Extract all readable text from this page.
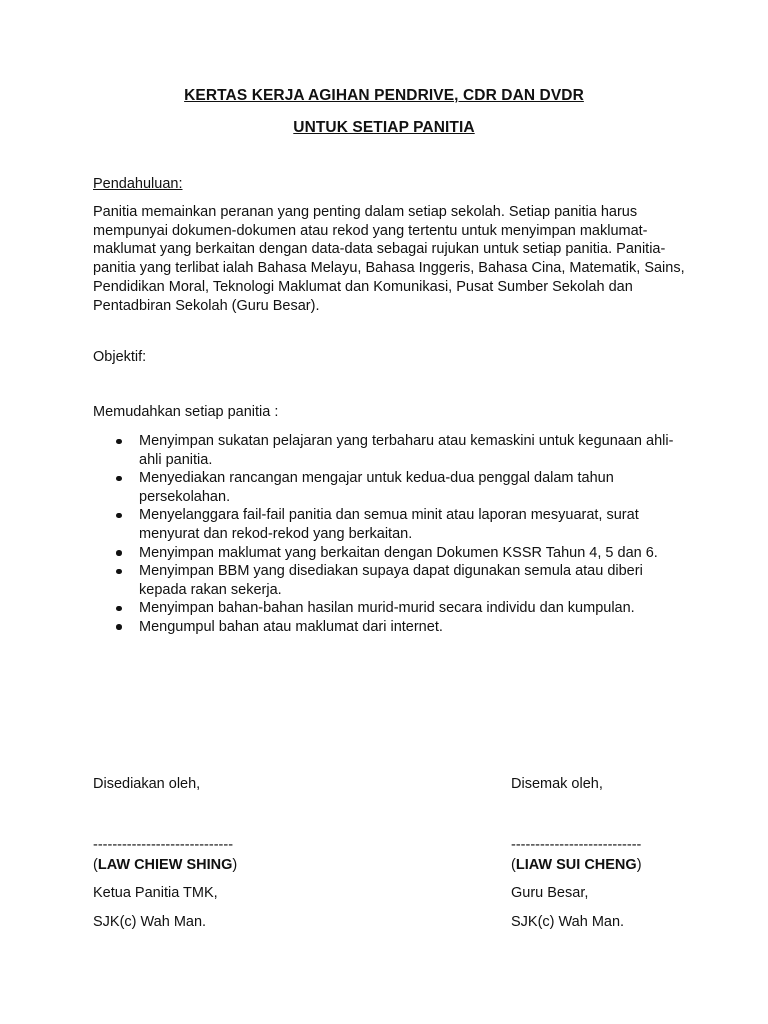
KERTAS KERJA AGIHAN PENDRIVE, CDR DAN DVDR
UNTUK SETIAP PANITIA
Pendahuluan:
Panitia memainkan peranan yang penting dalam setiap sekolah. Setiap panitia harus mempunyai dokumen-dokumen atau rekod yang tertentu untuk menyimpan maklumat-maklumat yang berkaitan dengan data-data sebagai rujukan untuk setiap panitia. Panitia-panitia yang terlibat ialah Bahasa Melayu, Bahasa Inggeris, Bahasa Cina, Matematik, Sains, Pendidikan Moral, Teknologi Maklumat dan Komunikasi, Pusat Sumber Sekolah dan Pentadbiran Sekolah (Guru Besar).
Objektif:
Memudahkan setiap panitia :
Menyimpan sukatan pelajaran yang terbaharu atau kemaskini untuk kegunaan ahli-ahli panitia.
Menyediakan rancangan mengajar untuk kedua-dua penggal dalam tahun persekolahan.
Menyelanggara fail-fail panitia dan semua minit atau laporan mesyuarat, surat menyurat dan rekod-rekod yang berkaitan.
Menyimpan maklumat yang berkaitan dengan Dokumen KSSR Tahun 4, 5 dan 6.
Menyimpan BBM yang disediakan supaya dapat digunakan semula atau diberi kepada rakan sekerja.
Menyimpan bahan-bahan hasilan murid-murid secara individu dan kumpulan.
Mengumpul bahan atau maklumat dari internet.
Disediakan oleh,
-----------------------------
(LAW CHIEW SHING)
Ketua Panitia TMK,
SJK(c) Wah Man.
Disemak oleh,
---------------------------
(LIAW SUI CHENG)
Guru Besar,
SJK(c) Wah Man.
